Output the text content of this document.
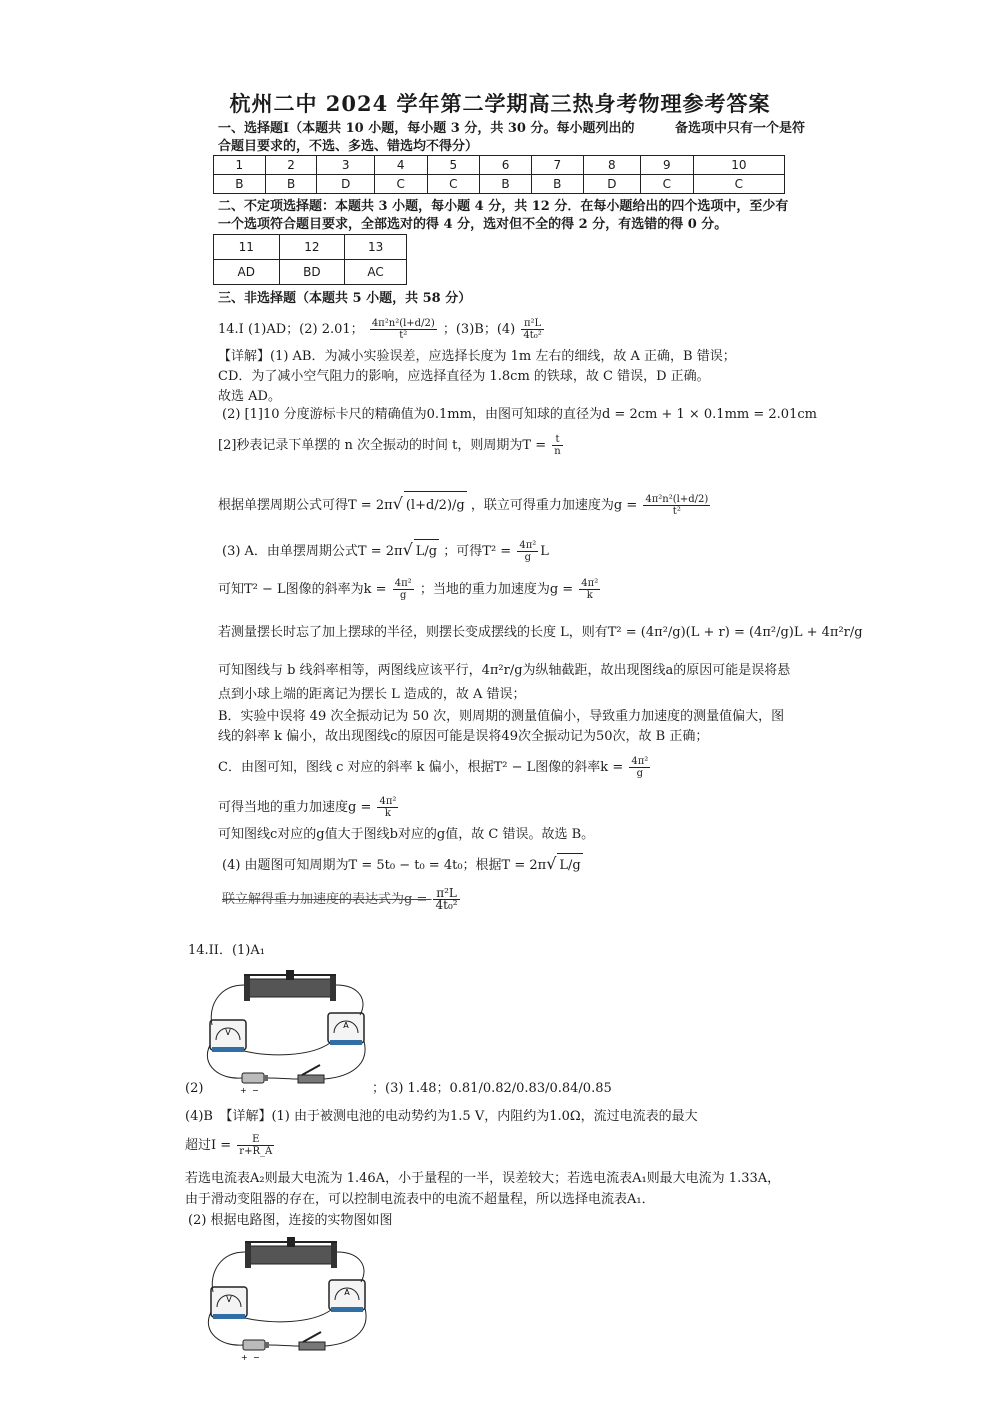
杭州二中 2024 学年第二学期高三热身考物理参考答案
一、选择题Ⅰ（本题共 10 小题，每小题 3 分，共 30 分。每小题列出的	备选项中只有一个是符
合题目要求的，不选、多选、错选均不得分）
1	2	3	4	5	6	7	8	9	10
B	B	D	C	C	B	B	D	C	C
二、不定项选择题：本题共 3 小题，每小题 4 分，共 12 分．在每小题给出的四个选项中，至少有
一个选项符合题目要求，全部选对的得 4 分，选对但不全的得 2 分，有选错的得 0 分。
11	12	13
AD	BD	AC
三、非选择题（本题共 5 小题，共 58 分）
14.I (1)AD；(2) 2.01； $\frac{\text{4π²n²(l+d/2)}}{\text{t²}}$ ；(3)B；$(4) \frac{\text{π²L}}{\text{4t₀²}}$
【详解】(1) AB．为减小实验误差，应选择长度为 1m 左右的细线，故 A 正确，B 错误；
CD．为了减小空气阻力的影响，应选择直径为 1.8cm 的铁球，故 C 错误，D 正确。
故选 AD。
(2) [1]10 分度游标卡尺的精确值为0.1mm，由图可知球的直径为d = 2cm + 1 × 0.1mm = 2.01cm
[2]秒表记录下单摆的 n 次全振动的时间 t，则周期为$T = \frac{t}{n}$
根据单摆周期公式可得T = 2π√ (l+d/2)/g ，联立可得重力加速度为$g = \frac{\text{4π²n²(l+d/2)}}{\text{t²}}$
(3) A．由单摆周期公式T = 2π√ L/g ；可得$T^2 = \frac{\text{4π²}}{g}$ L
可知T² − L图像的斜率为$k = \frac{\text{4π²}}{g}$ ；当地的重力加速度为$g = \frac{\text{4π²}}{k}$
若测量摆长时忘了加上摆球的半径，则摆长变成摆线的长度 L，则有T² = (4π²/g)(L + r) = (4π²/g)L + 4π²r/g
可知图线与 b 线斜率相等，两图线应该平行，4π²r/g为纵轴截距，故出现图线a的原因可能是误将悬
点到小球上端的距离记为摆长 L 造成的，故 A 错误；
B．实验中误将 49 次全振动记为 50 次，则周期的测量值偏小，导致重力加速度的测量值偏大，图
线的斜率 k 偏小，故出现图线c的原因可能是误将49次全振动记为50次，故 B 正确；
C．由图可知，图线 c 对应的斜率 k 偏小，根据T² − L图像的斜率$k = \frac{\text{4π²}}{g}$
可得当地的重力加速度$g = \frac{\text{4π²}}{k}$
可知图线c对应的g值大于图线b对应的g值，故 C 错误。故选 B。
(4) 由题图可知周期为T = 5t₀ − t₀ = 4t₀；根据T = 2π√ L/g
联立解得重力加速度的表达式为$g = \frac{\text{π²L}}{\text{4t₀²}}$
14.II．(1)A₁
V
A
+ −
(2)	；(3) 1.48；0.81/0.82/0.83/0.84/0.85
(4)B　【详解】(1) 由于被测电池的电动势约为1.5 V，内阻约为1.0Ω，流过电流表的最大
超过$I = \frac{E}{r+R\_A}$
若选电流表A₂则最大电流为 1.46A，小于量程的一半，误差较大；若选电流表A₁则最大电流为 1.33A，
由于滑动变阻器的存在，可以控制电流表中的电流不超量程，所以选择电流表A₁．
(2) 根据电路图，连接的实物图如图
V
A
+ −
